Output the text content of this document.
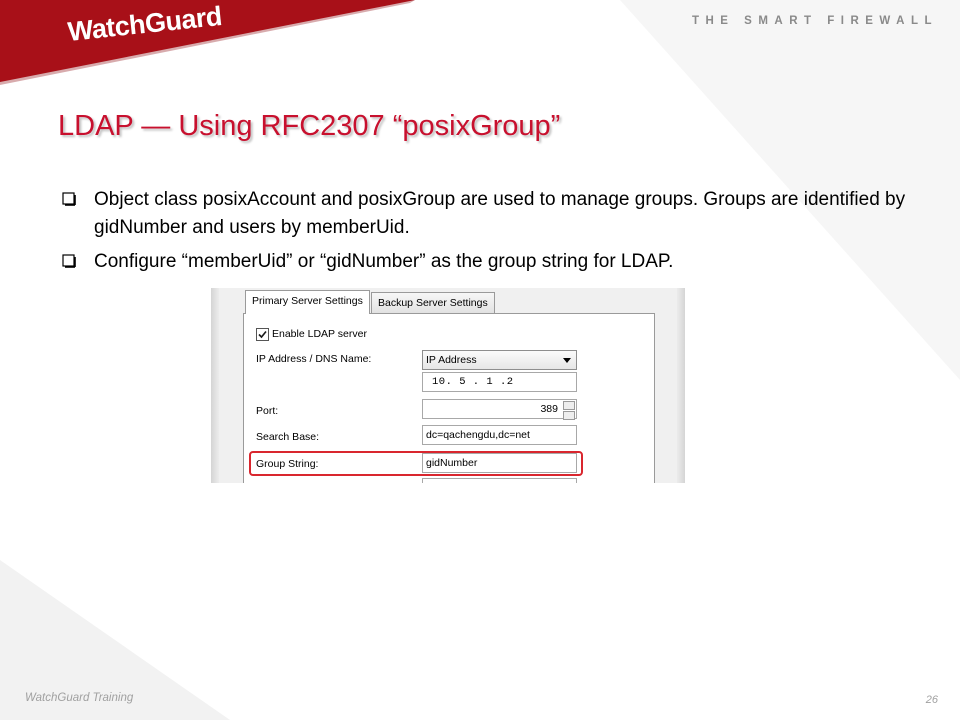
WatchGuard	THE SMART FIREWALL
LDAP — Using RFC2307 “posixGroup”
Object class posixAccount and posixGroup are used to manage groups. Groups are identified by gidNumber and users by memberUid.
Configure “memberUid” or “gidNumber” as the group string for LDAP.
Primary Server Settings	Backup Server Settings
Enable LDAP server
IP Address / DNS Name:	IP Address
10. 5 . 1 .2
Port:	389
Search Base:	dc=qachengdu,dc=net
Group String:	gidNumber
WatchGuard Training	26
